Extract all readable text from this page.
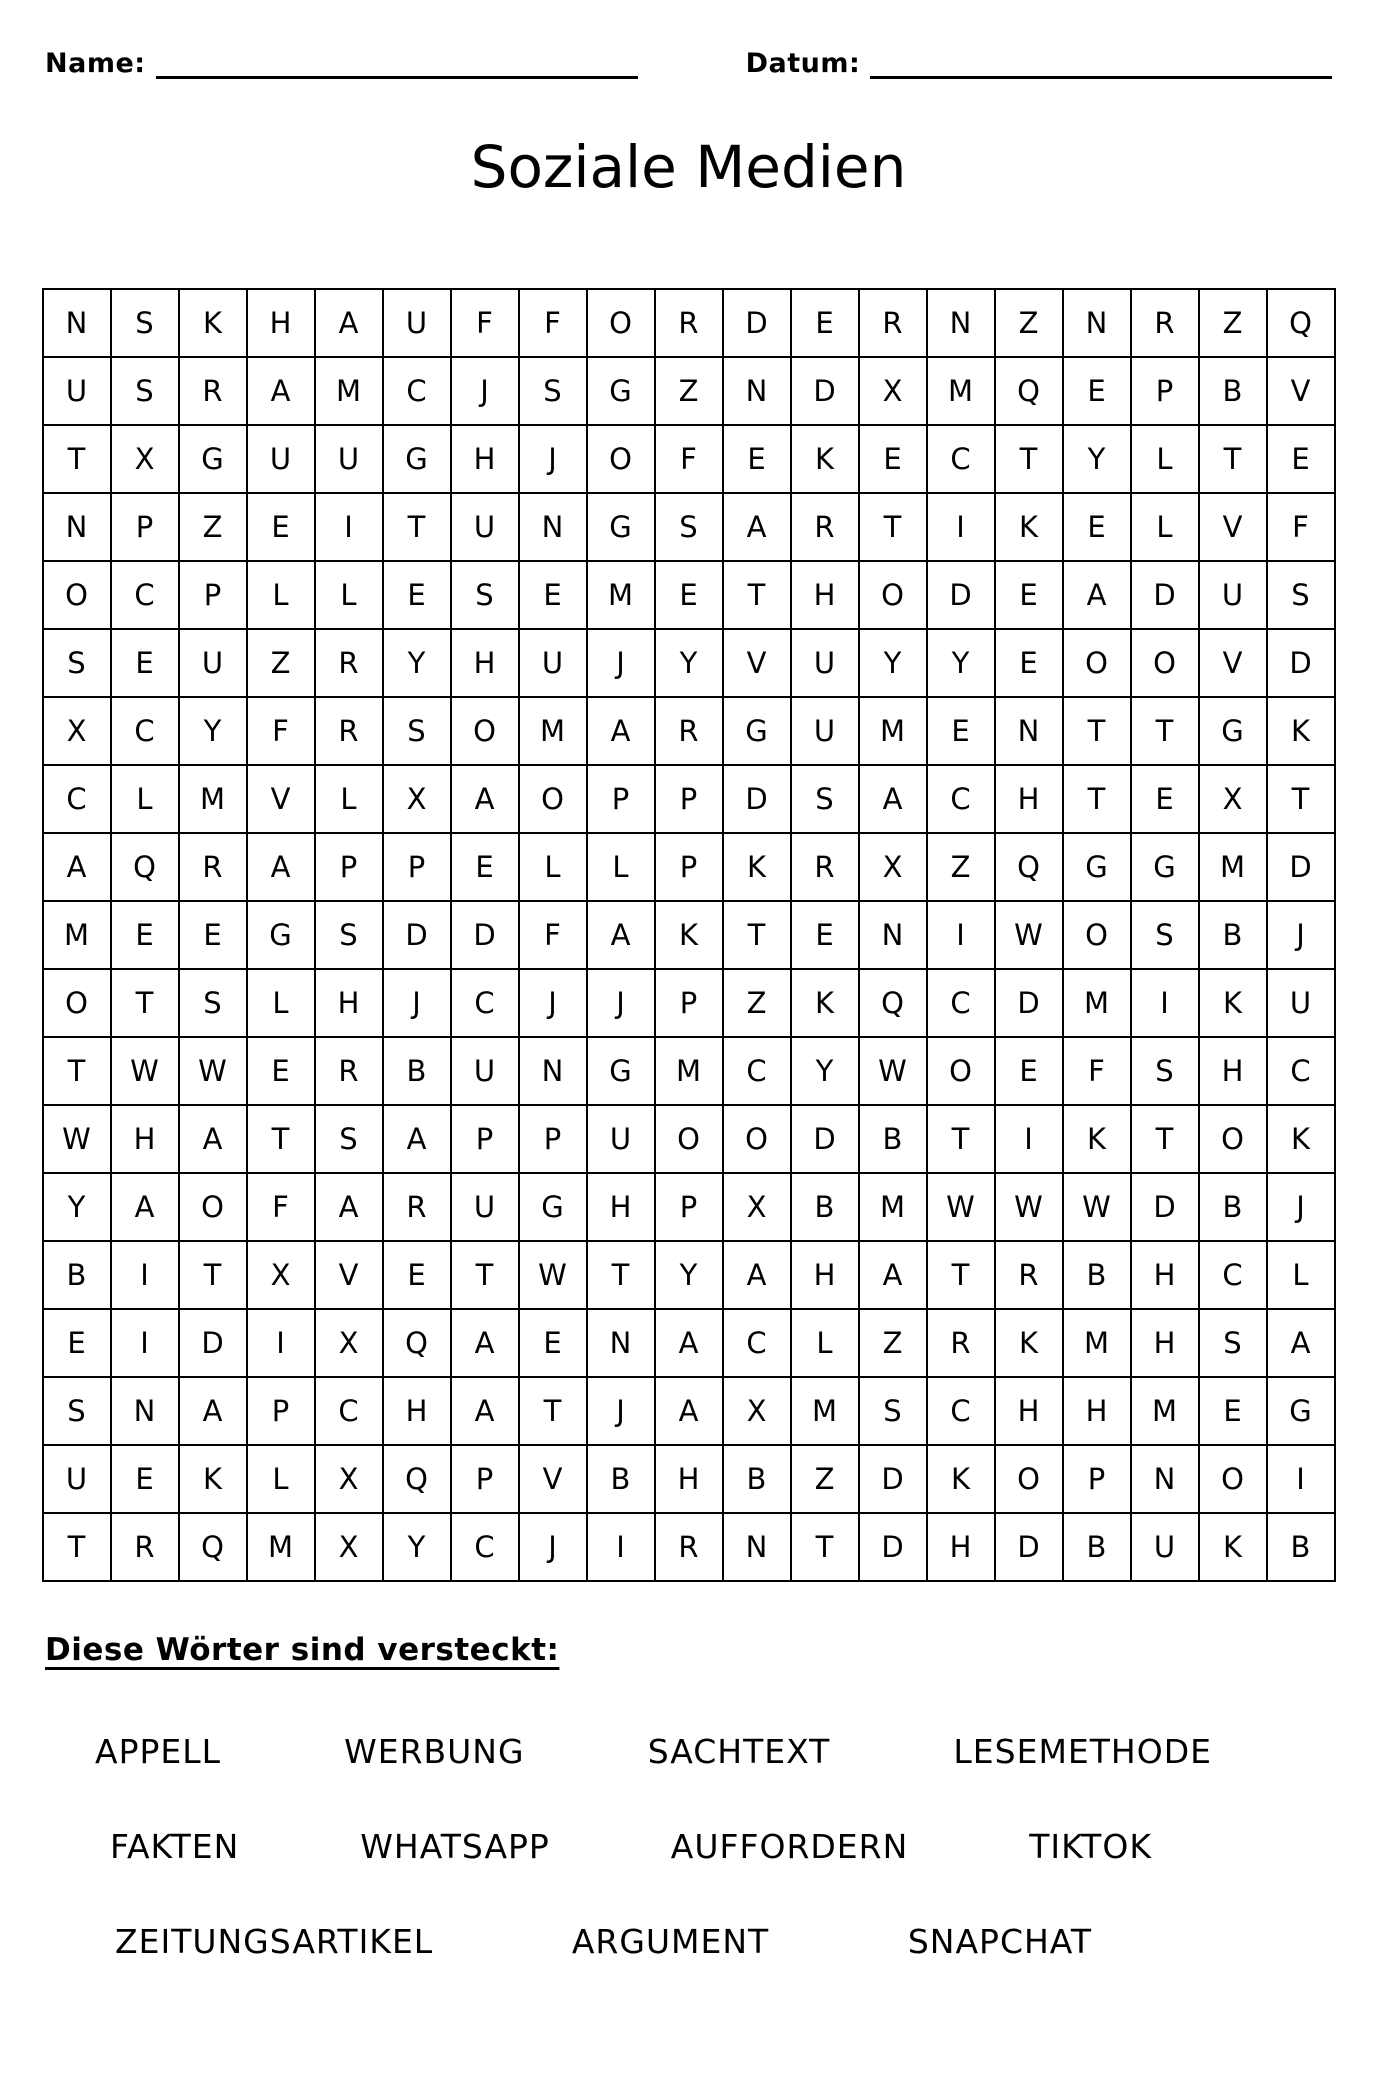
Name:	Datum:
Soziale Medien
N	S	K	H	A	U	F	F	O	R	D	E	R	N	Z	N	R	Z	Q
U	S	R	A	M	C	J	S	G	Z	N	D	X	M	Q	E	P	B	V
T	X	G	U	U	G	H	J	O	F	E	K	E	C	T	Y	L	T	E
N	P	Z	E	I	T	U	N	G	S	A	R	T	I	K	E	L	V	F
O	C	P	L	L	E	S	E	M	E	T	H	O	D	E	A	D	U	S
S	E	U	Z	R	Y	H	U	J	Y	V	U	Y	Y	E	O	O	V	D
X	C	Y	F	R	S	O	M	A	R	G	U	M	E	N	T	T	G	K
C	L	M	V	L	X	A	O	P	P	D	S	A	C	H	T	E	X	T
A	Q	R	A	P	P	E	L	L	P	K	R	X	Z	Q	G	G	M	D
M	E	E	G	S	D	D	F	A	K	T	E	N	I	W	O	S	B	J
O	T	S	L	H	J	C	J	J	P	Z	K	Q	C	D	M	I	K	U
T	W	W	E	R	B	U	N	G	M	C	Y	W	O	E	F	S	H	C
W	H	A	T	S	A	P	P	U	O	O	D	B	T	I	K	T	O	K
Y	A	O	F	A	R	U	G	H	P	X	B	M	W	W	W	D	B	J
B	I	T	X	V	E	T	W	T	Y	A	H	A	T	R	B	H	C	L
E	I	D	I	X	Q	A	E	N	A	C	L	Z	R	K	M	H	S	A
S	N	A	P	C	H	A	T	J	A	X	M	S	C	H	H	M	E	G
U	E	K	L	X	Q	P	V	B	H	B	Z	D	K	O	P	N	O	I
T	R	Q	M	X	Y	C	J	I	R	N	T	D	H	D	B	U	K	B
Diese Wörter sind versteckt:
APPELL	WERBUNG	SACHTEXT	LESEMETHODE
FAKTEN	WHATSAPP	AUFFORDERN	TIKTOK
ZEITUNGSARTIKEL	ARGUMENT	SNAPCHAT
